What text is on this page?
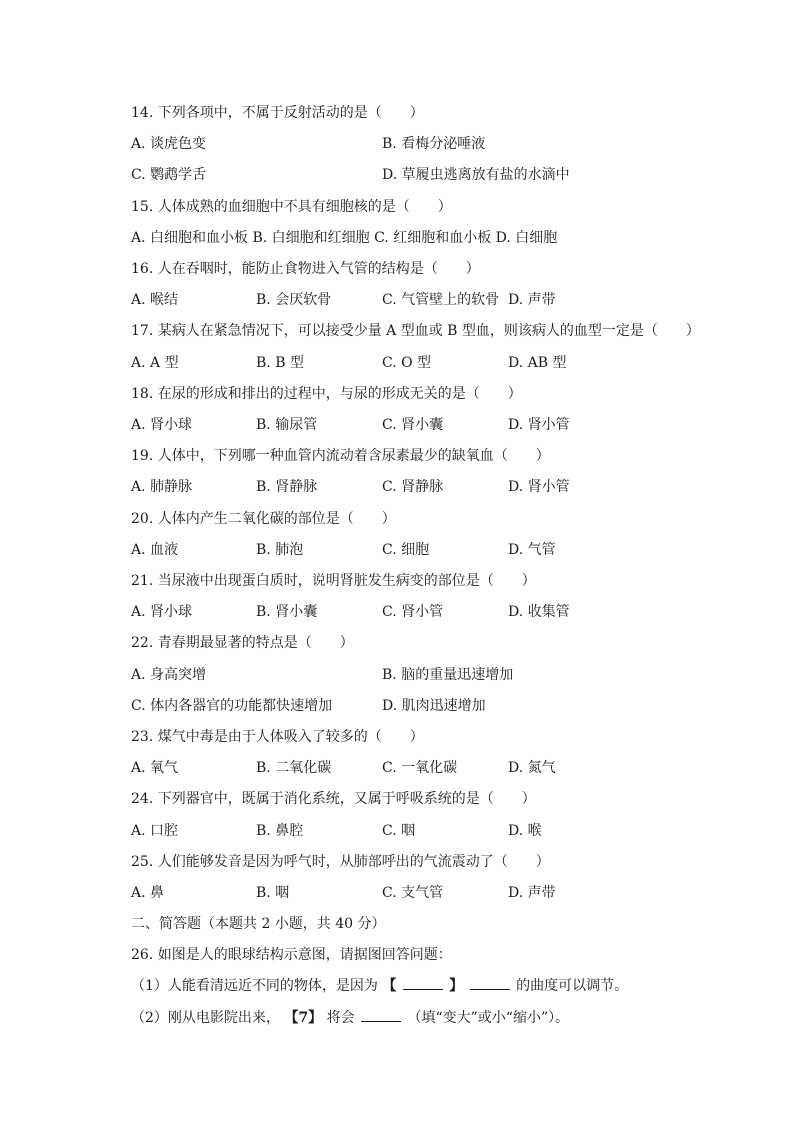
14. 下列各项中，不属于反射活动的是（　　）
A. 谈虎色变	B. 看梅分泌唾液
C. 鹦鹉学舌	D. 草履虫逃离放有盐的水滴中
15. 人体成熟的血细胞中不具有细胞核的是（　　）
A. 白细胞和血小板 B. 白细胞和红细胞 C. 红细胞和血小板 D. 白细胞
16. 人在吞咽时，能防止食物进入气管的结构是（　　）
A. 喉结	B. 会厌软骨	C. 气管壁上的软骨 D. 声带
17. 某病人在紧急情况下，可以接受少量 A 型血或 B 型血，则该病人的血型一定是（　　）
A. A 型	B. B 型	C. O 型	D. AB 型
18. 在尿的形成和排出的过程中，与尿的形成无关的是（　　）
A. 肾小球	B. 输尿管	C. 肾小囊	D. 肾小管
19. 人体中，下列哪一种血管内流动着含尿素最少的缺氧血（　　）
A. 肺静脉	B. 肾静脉	C. 肾静脉	D. 肾小管
20. 人体内产生二氧化碳的部位是（　　）
A. 血液	B. 肺泡	C. 细胞	D. 气管
21. 当尿液中出现蛋白质时，说明肾脏发生病变的部位是（　　）
A. 肾小球	B. 肾小囊	C. 肾小管	D. 收集管
22. 青春期最显著的特点是（　　）
A. 身高突增	B. 脑的重量迅速增加
C. 体内各器官的功能都快速增加	D. 肌肉迅速增加
23. 煤气中毒是由于人体吸入了较多的（　　）
A. 氧气	B. 二氧化碳	C. 一氧化碳	D. 氮气
24. 下列器官中，既属于消化系统，又属于呼吸系统的是（　　）
A. 口腔	B. 鼻腔	C. 咽	D. 喉
25. 人们能够发音是因为呼气时，从肺部呼出的气流震动了（　　）
A. 鼻	B. 咽	C. 支气管	D. 声带
二、简答题（本题共 2 小题，共 40 分）
26. 如图是人的眼球结构示意图，请据图回答问题：
（1）人能看清远近不同的物体，是因为 【	】	的曲度可以调节。
（2）刚从电影院出来， 【7】 将会	（填“变大”或小“缩小”）。
